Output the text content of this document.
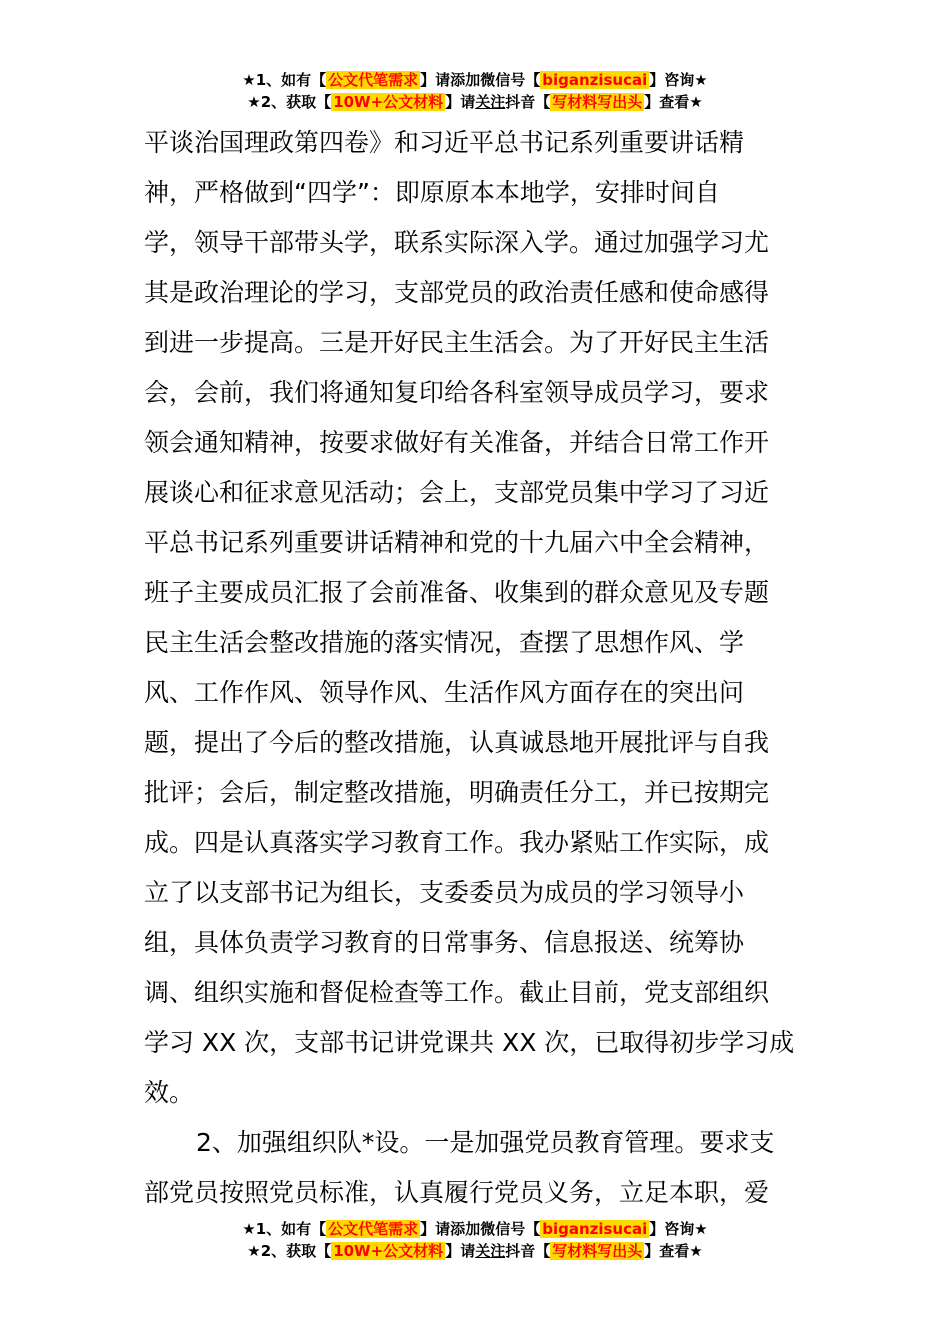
★1、如有【 公文代笔需求 】请添加微信号【 biganzisucai 】咨询★
★2、获取【 10W+公文材料 】请关注抖音【 写材料写出头 】查看★
平谈治国理政第四卷》和习近平总书记系列重要讲话精
神，严格做到“四学”：即原原本本地学，安排时间自
学，领导干部带头学，联系实际深入学。通过加强学习尤
其是政治理论的学习，支部党员的政治责任感和使命感得
到进一步提高。三是开好民主生活会。为了开好民主生活
会，会前，我们将通知复印给各科室领导成员学习，要求
领会通知精神，按要求做好有关准备，并结合日常工作开
展谈心和征求意见活动；会上，支部党员集中学习了习近
平总书记系列重要讲话精神和党的十九届六中全会精神，
班子主要成员汇报了会前准备、收集到的群众意见及专题
民主生活会整改措施的落实情况，查摆了思想作风、学
风、工作作风、领导作风、生活作风方面存在的突出问
题，提出了今后的整改措施，认真诚恳地开展批评与自我
批评；会后，制定整改措施，明确责任分工，并已按期完
成。四是认真落实学习教育工作。我办紧贴工作实际，成
立了以支部书记为组长，支委委员为成员的学习领导小
组，具体负责学习教育的日常事务、信息报送、统筹协
调、组织实施和督促检查等工作。截止目前，党支部组织
学习 XX 次，支部书记讲党课共 XX 次，已取得初步学习成
效。
2、加强组织队*设。一是加强党员教育管理。要求支
部党员按照党员标准，认真履行党员义务，立足本职，爱
★1、如有【 公文代笔需求 】请添加微信号【 biganzisucai 】咨询★
★2、获取【 10W+公文材料 】请关注抖音【 写材料写出头 】查看★
